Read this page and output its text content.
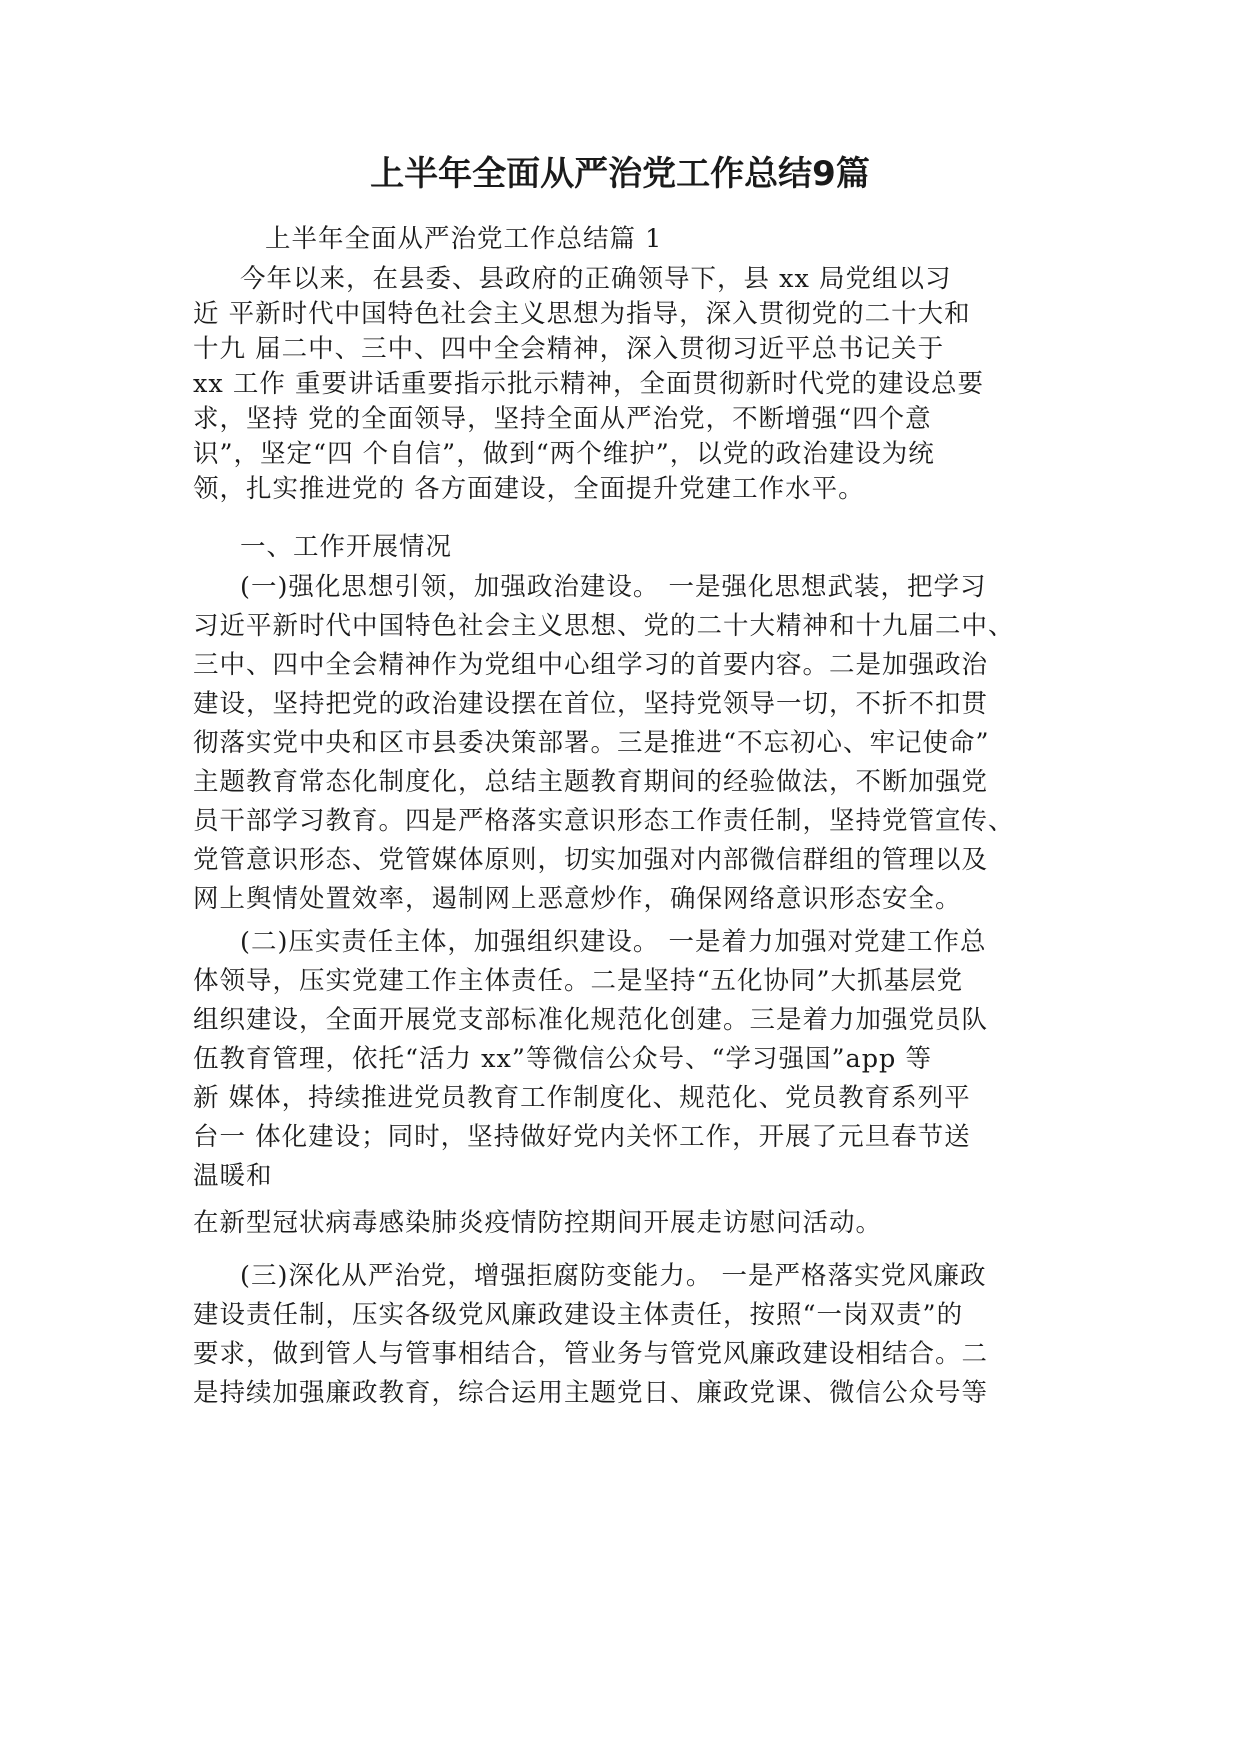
上半年全面从严治党工作总结9篇

上半年全面从严治党工作总结篇 1

今年以来，在县委、县政府的正确领导下，县 xx 局党组以习

近 平新时代中国特色社会主义思想为指导，深入贯彻党的二十大和

十九 届二中、三中、四中全会精神，深入贯彻习近平总书记关于

xx 工作 重要讲话重要指示批示精神，全面贯彻新时代党的建设总要

求，坚持 党的全面领导，坚持全面从严治党，不断增强“四个意

识”，坚定“四 个自信”，做到“两个维护”，以党的政治建设为统

领，扎实推进党的 各方面建设，全面提升党建工作水平。

一、工作开展情况

(一)强化思想引领，加强政治建设。 一是强化思想武装，把学习

习近平新时代中国特色社会主义思想、党的二十大精神和十九届二中、

三中、四中全会精神作为党组中心组学习的首要内容。二是加强政治

建设，坚持把党的政治建设摆在首位，坚持党领导一切，不折不扣贯

彻落实党中央和区市县委决策部署。三是推进“不忘初心、牢记使命”

主题教育常态化制度化，总结主题教育期间的经验做法，不断加强党

员干部学习教育。四是严格落实意识形态工作责任制，坚持党管宣传、

党管意识形态、党管媒体原则，切实加强对内部微信群组的管理以及

网上舆情处置效率，遏制网上恶意炒作，确保网络意识形态安全。

(二)压实责任主体，加强组织建设。 一是着力加强对党建工作总

体领导，压实党建工作主体责任。二是坚持“五化协同”大抓基层党

组织建设，全面开展党支部标准化规范化创建。三是着力加强党员队

伍教育管理，依托“活力 xx”等微信公众号、“学习强国”app 等

新 媒体，持续推进党员教育工作制度化、规范化、党员教育系列平

台一 体化建设；同时，坚持做好党内关怀工作，开展了元旦春节送

温暖和

在新型冠状病毒感染肺炎疫情防控期间开展走访慰问活动。

(三)深化从严治党，增强拒腐防变能力。 一是严格落实党风廉政

建设责任制，压实各级党风廉政建设主体责任，按照“一岗双责”的

要求，做到管人与管事相结合，管业务与管党风廉政建设相结合。二

是持续加强廉政教育，综合运用主题党日、廉政党课、微信公众号等
